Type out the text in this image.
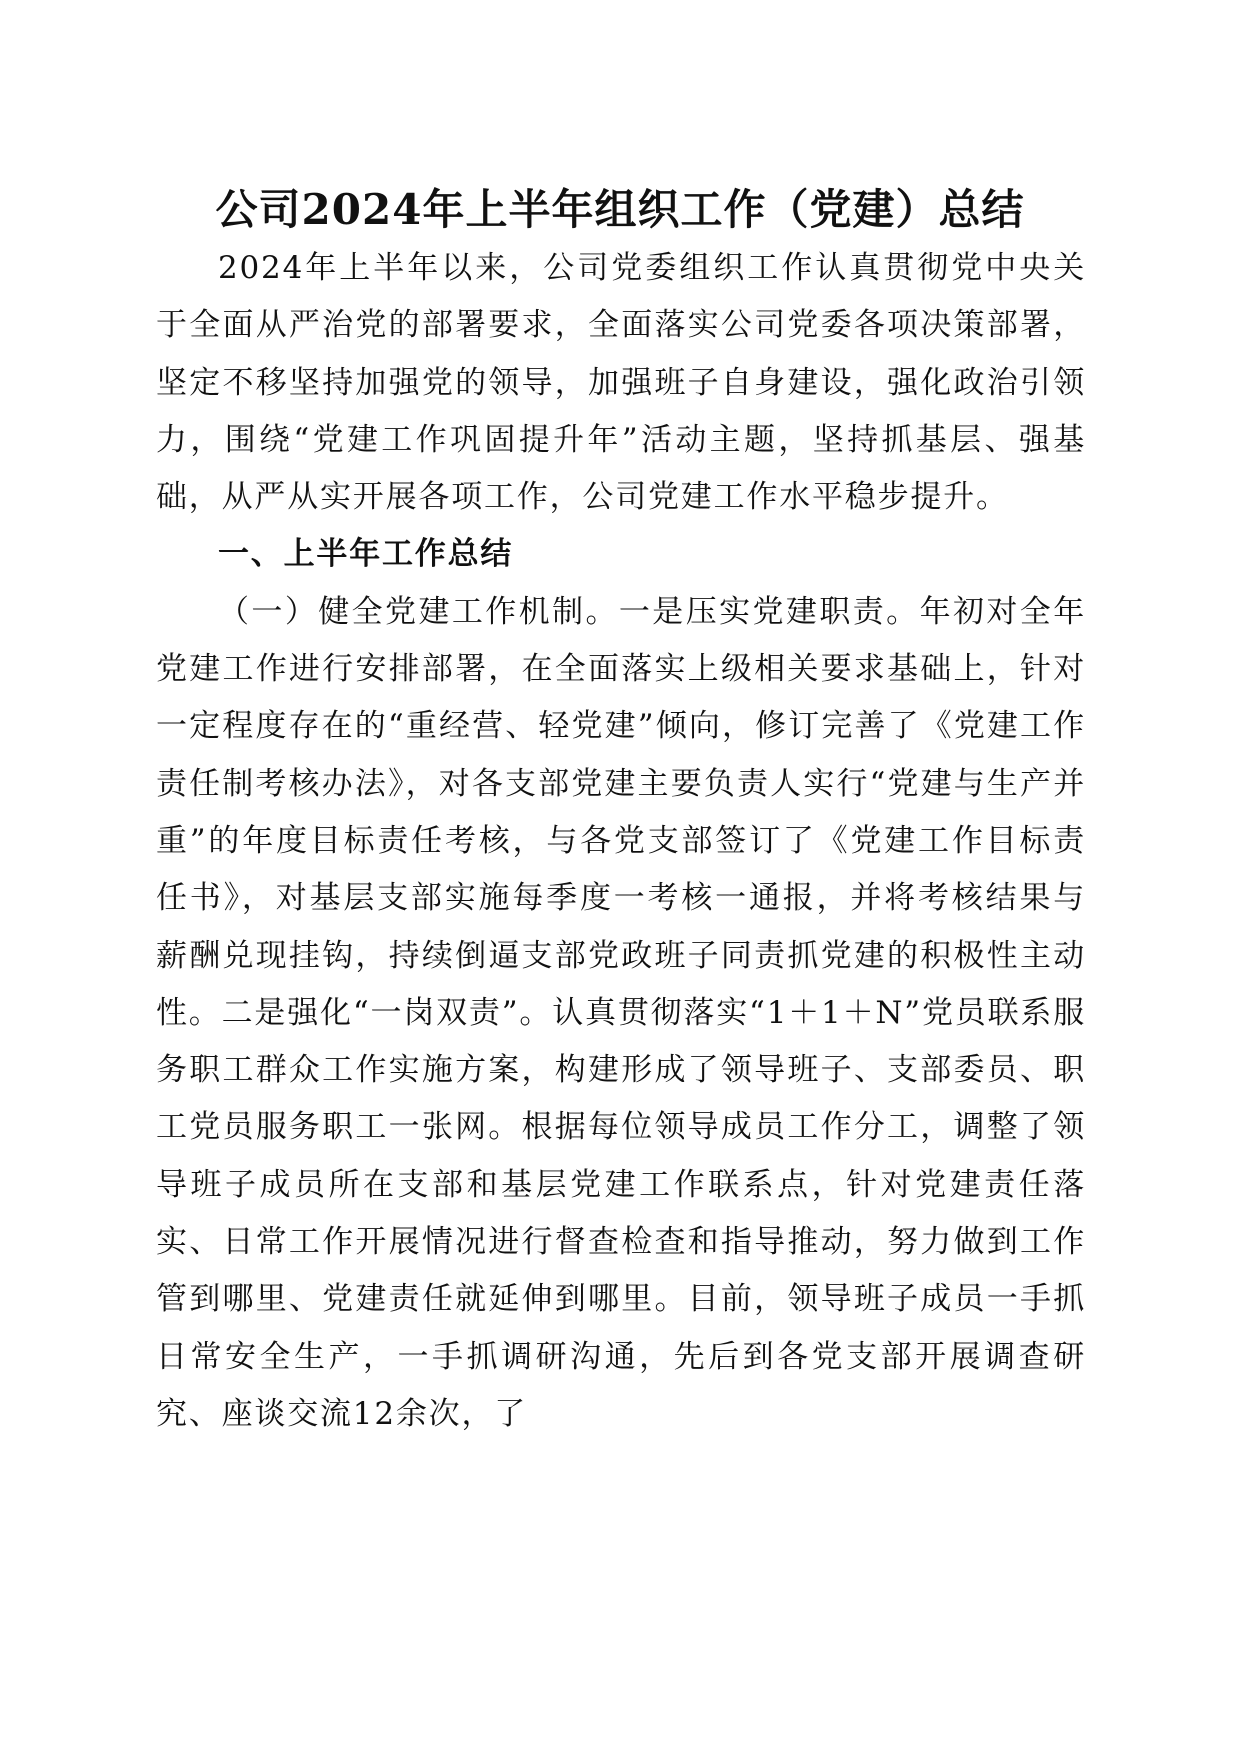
公司2024年上半年组织工作（党建）总结

2024年上半年以来，公司党委组织工作认真贯彻党中央关于全面从严治党的部署要求，全面落实公司党委各项决策部署，坚定不移坚持加强党的领导，加强班子自身建设，强化政治引领力，围绕“党建工作巩固提升年”活动主题，坚持抓基层、强基础，从严从实开展各项工作，公司党建工作水平稳步提升。

一、上半年工作总结

（一）健全党建工作机制。一是压实党建职责。年初对全年党建工作进行安排部署，在全面落实上级相关要求基础上，针对一定程度存在的“重经营、轻党建”倾向，修订完善了《党建工作责任制考核办法》，对各支部党建主要负责人实行“党建与生产并重”的年度目标责任考核，与各党支部签订了《党建工作目标责任书》，对基层支部实施每季度一考核一通报，并将考核结果与薪酬兑现挂钩，持续倒逼支部党政班子同责抓党建的积极性主动性。二是强化“一岗双责”。认真贯彻落实“1＋1＋N”党员联系服务职工群众工作实施方案，构建形成了领导班子、支部委员、职工党员服务职工一张网。根据每位领导成员工作分工，调整了领导班子成员所在支部和基层党建工作联系点，针对党建责任落实、日常工作开展情况进行督查检查和指导推动，努力做到工作管到哪里、党建责任就延伸到哪里。目前，领导班子成员一手抓日常安全生产，一手抓调研沟通，先后到各党支部开展调查研究、座谈交流12余次，了
